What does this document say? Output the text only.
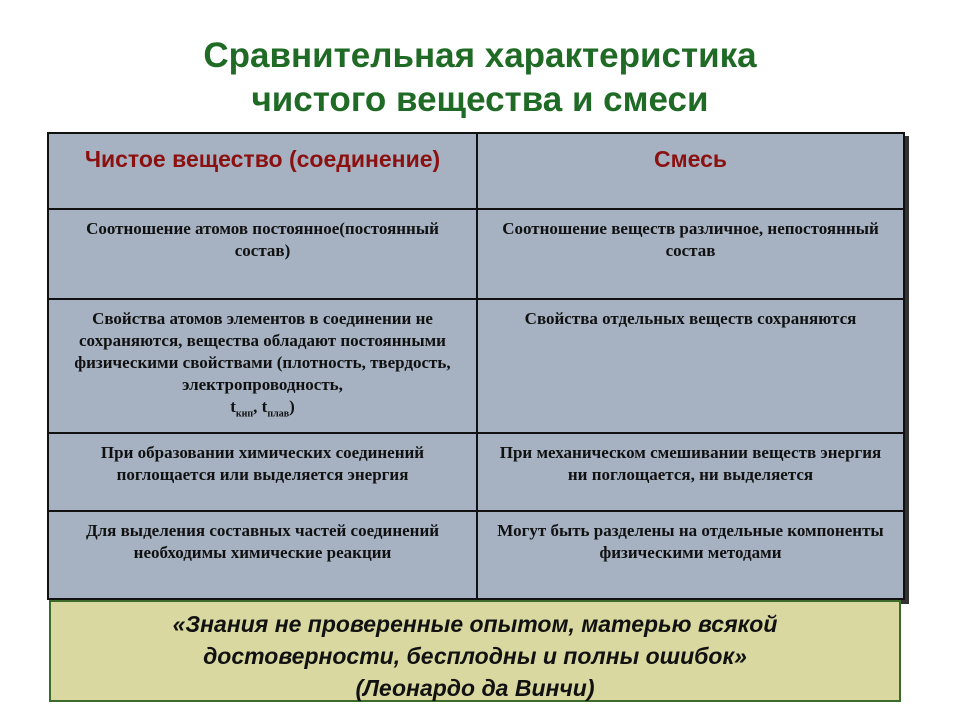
Сравнительная характеристика
чистого вещества и смеси
Чистое вещество (соединение)	Смесь
Соотношение атомов постоянное(постоянный состав)	Соотношение веществ различное, непостоянный состав
Свойства атомов элементов в соединении не сохраняются, вещества обладают постоянными физическими свойствами (плотность, твердость, электропроводность,
$t_{кип}$, $t_{плав}$)	Свойства отдельных веществ сохраняются
При образовании химических соединений поглощается или выделяется энергия	При механическом смешивании веществ энергия ни поглощается, ни выделяется
Для выделения составных частей соединений необходимы химические реакции	Могут быть разделены на отдельные компоненты физическими методами
«Знания не проверенные опытом, матерью всякой
достоверности, бесплодны и полны ошибок»
(Леонардо да Винчи)
